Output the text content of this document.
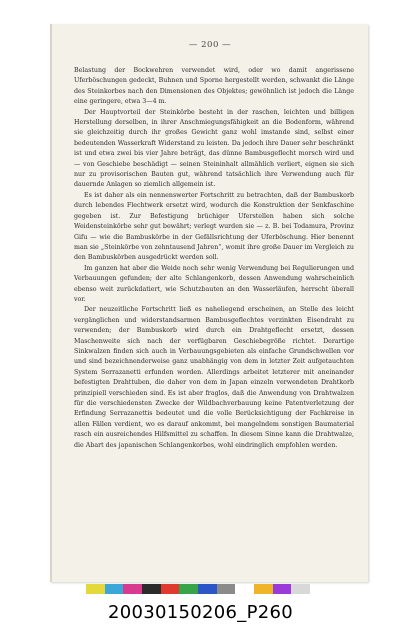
— 200 —

Belastung der Bockwehren verwendet wird, oder wo damit angerissene Uferböschungen gedeckt, Buhnen und Sporne hergestellt werden, schwankt die Länge des Steinkorbes nach den Dimensionen des Objektes; gewöhnlich ist jedoch die Länge eine geringere, etwa 3—4 m.

Der Hauptvorteil der Steinkörbe besteht in der raschen, leichten und billigen Herstellung derselben, in ihrer Anschmiegungsfähigkeit an die Bodenform, während sie gleichzeitig durch ihr großes Gewicht ganz wohl imstande sind, selbst einer bedeutenden Wasserkraft Widerstand zu leisten. Da jedoch ihre Dauer sehr beschränkt ist und etwa zwei bis vier Jahre beträgt, das dünne Bambusgeflecht morsch wird und — von Geschiebe beschädigt — seinen Steininhalt allmählich verliert, eignen sie sich nur zu provisorischen Bauten gut, während tatsächlich ihre Verwendung auch für dauernde Anlagen so ziemlich allgemein ist.

Es ist daher als ein nennenswerter Fortschritt zu betrachten, daß der Bambuskorb durch lebendes Flechtwerk ersetzt wird, wodurch die Konstruktion der Senkfaschine gegeben ist. Zur Befestigung brüchiger Uferstellen haben sich solche Weidensteinkörbe sehr gut bewährt; verlegt wurden sie — z. B. bei Todamura, Provinz Gifu — wie die Bambuskörbe in der Gefällsrichtung der Uferböschung. Hier benennt man sie „Steinkörbe von zehntausend Jahren“, womit ihre große Dauer im Vergleich zu den Bambuskörben ausgedrückt werden soll.

Im ganzen hat aber die Weide noch sehr wenig Verwendung bei Regulierungen und Verbauungen gefunden; der alte Schlangenkorb, dessen Anwendung wahrscheinlich ebenso weit zurückdatiert, wie Schutzbauten an den Wasserläufen, herrscht überall vor.

Der neuzeitliche Fortschritt ließ es naheliegend erscheinen, an Stelle des leicht vergänglichen und widerstandsarmen Bambusgeflechtes verzinkten Eisendraht zu verwenden; der Bambuskorb wird durch ein Drahtgeflecht ersetzt, dessen Maschenweite sich nach der verfügbaren Geschiebegröße richtet. Derartige Sinkwalzen finden sich auch in Verbauungsgebieten als einfache Grundschwellen vor und sind bezeichnenderweise ganz unabhängig von dem in letzter Zeit aufgetauchten System Serrazanetti erfunden worden. Allerdings arbeitet letzterer mit aneinander befestigten Drahttuben, die daher von dem in Japan einzeln verwendeten Drahtkorb prinzipiell verschieden sind. Es ist aber fraglos, daß die Anwendung von Drahtwalzen für die verschiedensten Zwecke der Wildbachverbauung keine Patentverletzung der Erfindung Serrazanettis bedeutet und die volle Berücksichtigung der Fachkreise in allen Fällen verdient, wo es darauf ankommt, bei mangelndem sonstigen Baumaterial rasch ein ausreichendes Hilfsmittel zu schaffen. In diesem Sinne kann die Drahtwalze, die Abart des japanischen Schlangenkorbes, wohl eindringlich empfohlen werden.

20030150206_P260
